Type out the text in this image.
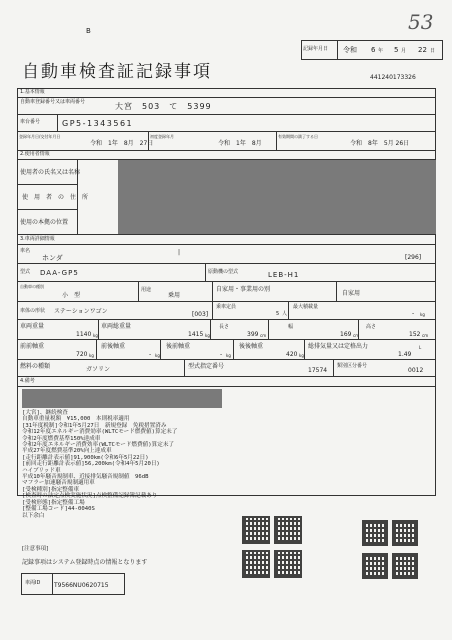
B	53
記録年月日 令和 6 年 5 月 22 日
自動車検査証記録事項	441240173326
1.基本情報
自動車登録番号又は車両番号	大宮　503　て　5399
車台番号	GP5-1343561
登録年月日/交付年月日
令和　1年　8月　27日
初度登録年月
令和　1年　8月
有効期間の満了する日
令和　8年　5月 26日
2.使用者情報
使用者の氏名又は名称
使　用　者　の　住　所
使用の本拠の位置
3.車両詳細情報
車名
ホンダ
|
[296]
型式 DAA-GP5	原動機の型式	LEB-H1
自動車の種別
小　型
用途
乗用
自家用・事業用の別
自家用
車体の形状 ステーションワゴン	[003]
乗車定員
5 人
最大積載量
- kg
車両重量
1140 kg
車両総重量
1415 kg
長さ
399 cm
幅
169 cm
高さ
152 cm
前前軸重
720 kg
前後軸重
- kg
後前軸重
- kg
後後軸重
420 kg
総排気量又は定格出力
1.49
L
燃料の種類	ガソリン	型式指定番号
17574
類別区分番号
0012
4.備考
[大宮]、継続検査
自動車重量税額　¥15,000　本則税率適用
[31年度税制]令和1年5月27日　新規登録　免税措置済み
令和12年度エネルギー消費効率(WLTCモード燃費値)算定未了
令和2年度燃費基準150%達成車
令和2年度エネルギー消費効率(WLTCモード燃費値)算定未了
平成27年度燃費基準20%向上達成車
[走行距離計表示値]91,900km(令和6年5月22日)
[前回走行距離計表示値]56,200km(令和4年5月20日)
ハイブリッド車
平成10年騒音規制車、近接排気騒音規制値　96dB
マフラー加速騒音規制適用車
[受検種別]指定整備車
[検査時の法定点検実施状況]点検整備記録簿記載あり
[受検形態]指定整備工場
[整備工場コード]44-0040S
以下余白
[注意事項]
記録事項はシステム登録時点の情報となります
車両ID T9566NU0620715
